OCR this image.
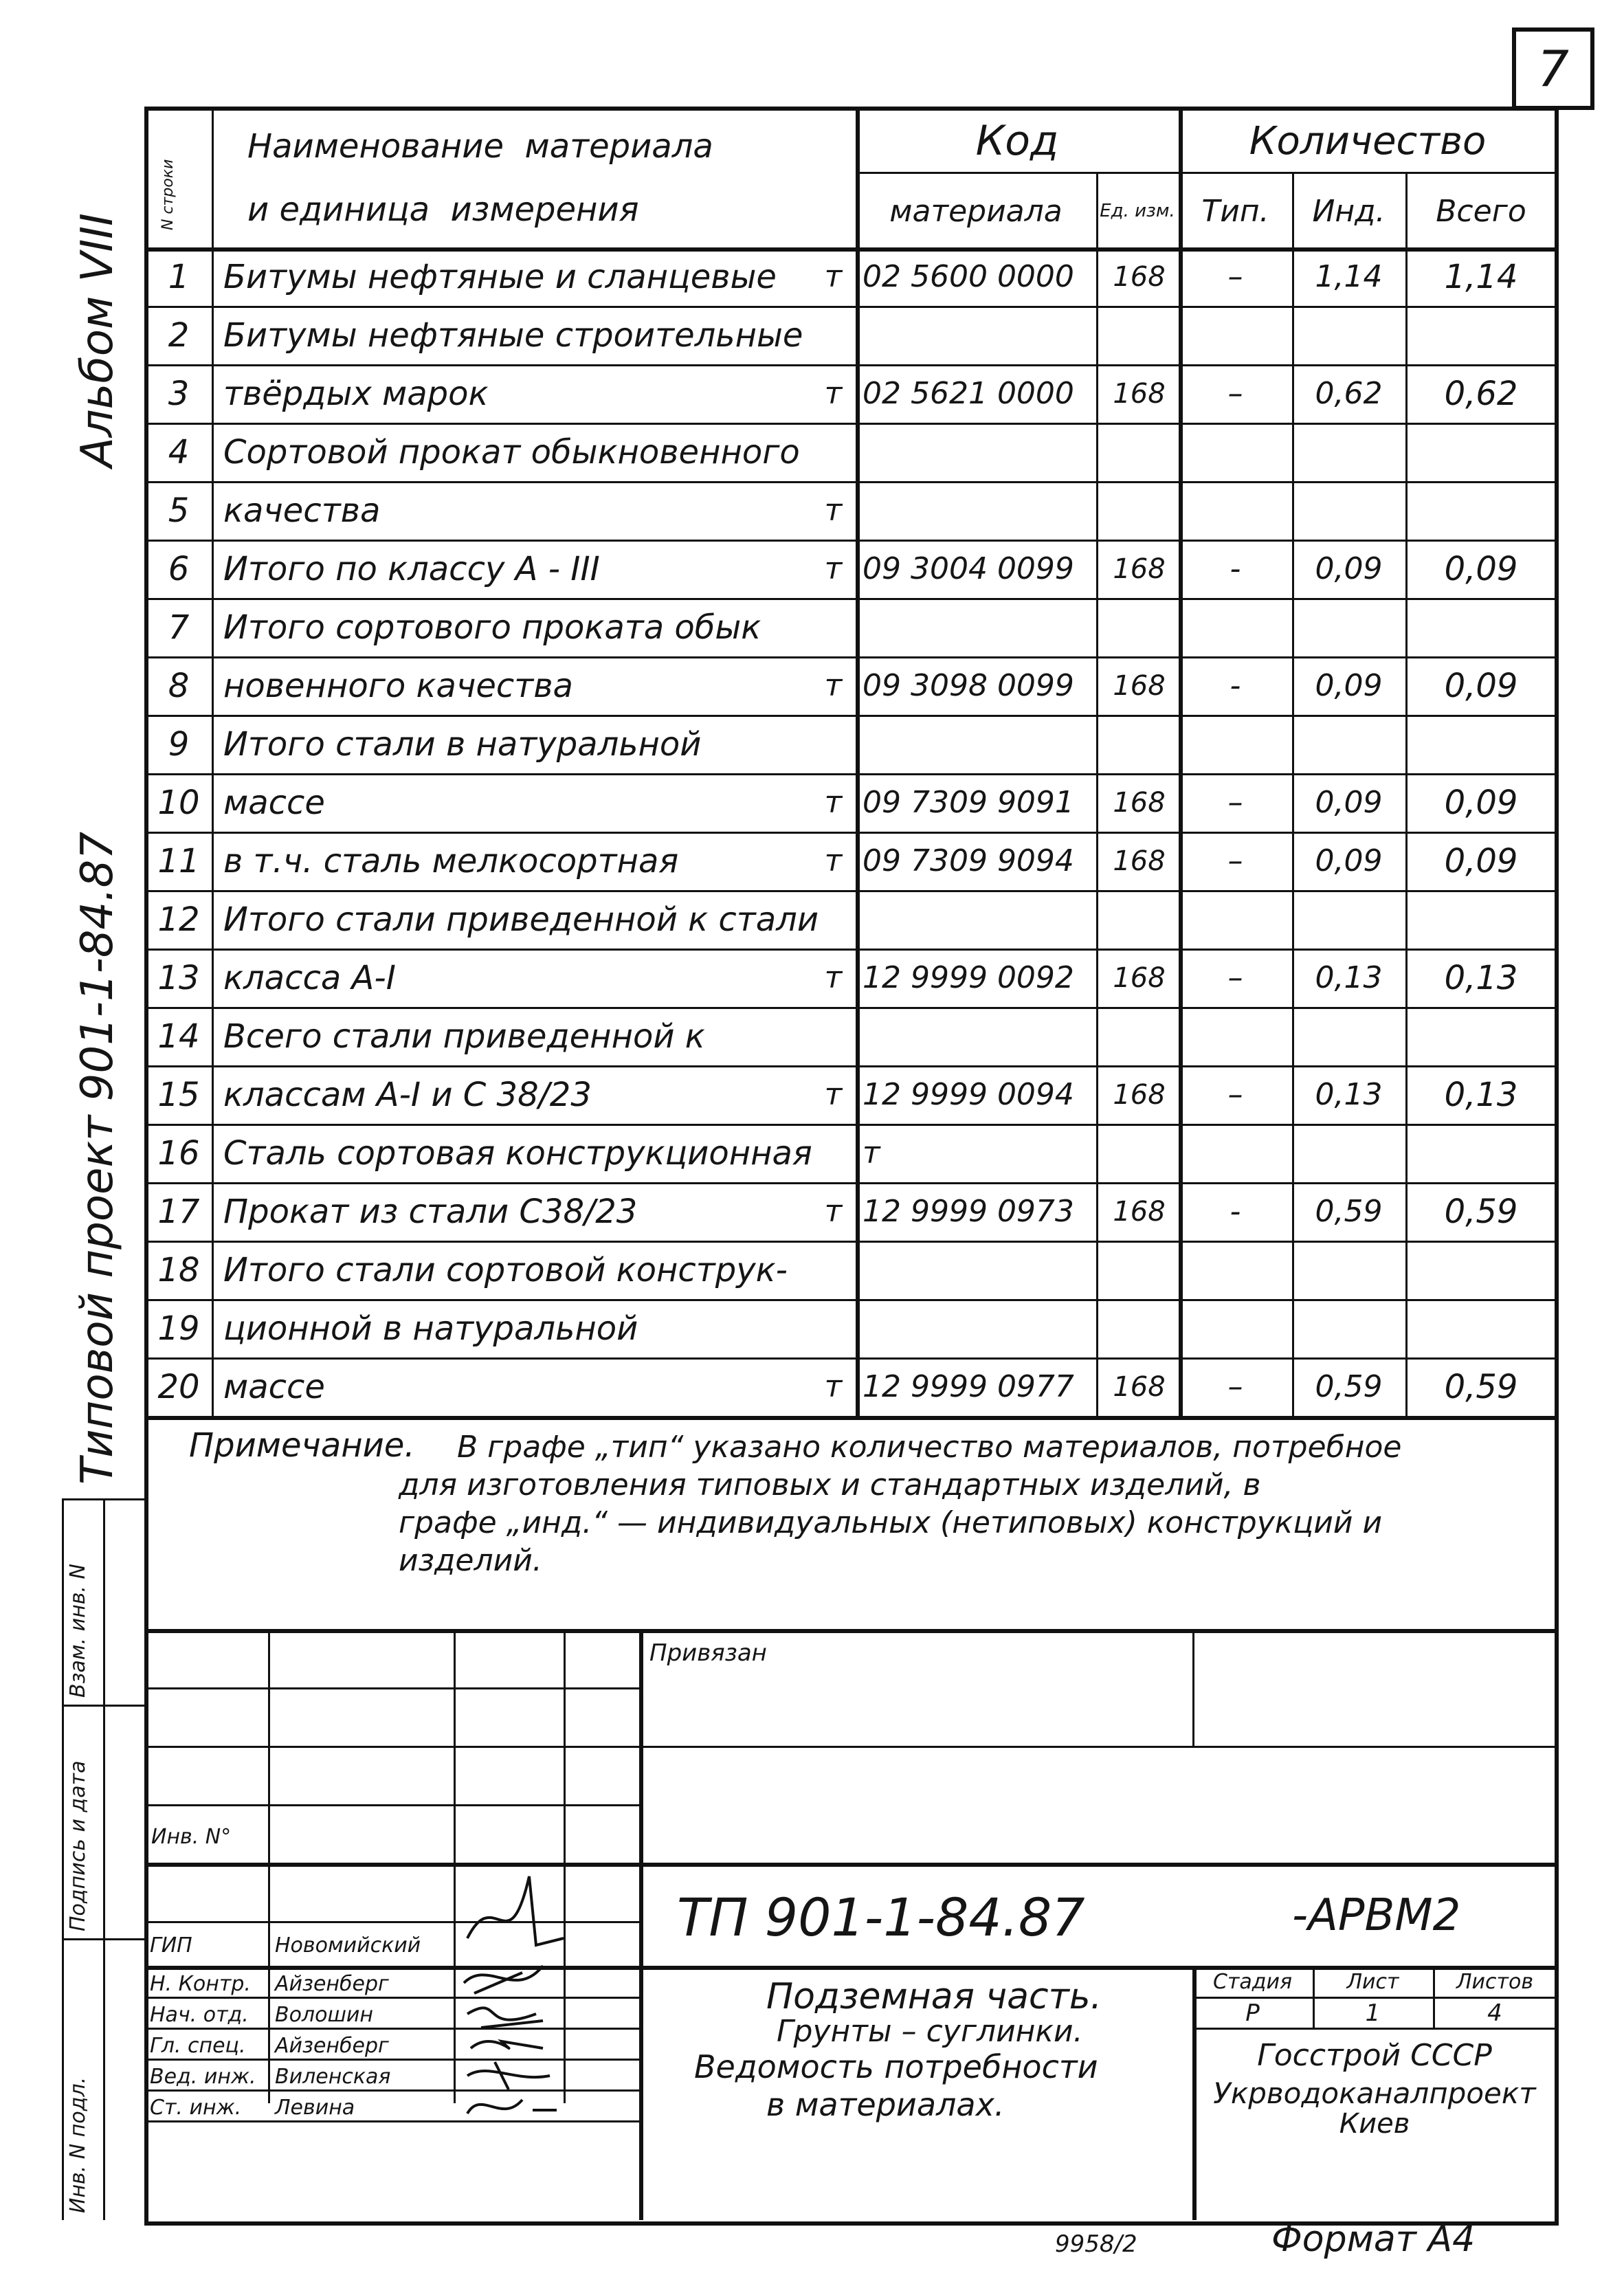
7
Альбом VIII
Типовой проект 901-1-84.87
Взам. инв. N
Подпись и дата
Инв. N подл.
N строки
Наименование  материала
и единица  измерения
Код
материала	Ед. изм.
Количество
Тип.	Инд.	Всего
1	Битумы нефтяные и сланцевые	т 02 5600 0000	168	–	1,14	1,14
2	Битумы нефтяные строительные
3	твёрдых марок	т 02 5621 0000	168	–	0,62	0,62
4	Сортовой прокат обыкновенного
5	качества	т
6	Итого по классу А - III	т 09 3004 0099	168	-	0,09	0,09
7	Итого сортового проката обык
8	новенного качества	т 09 3098 0099	168	-	0,09	0,09
9	Итого стали в натуральной
10 массе	т 09 7309 9091	168	–	0,09	0,09
11 в т.ч. сталь мелкосортная	т 09 7309 9094	168	–	0,09	0,09
12 Итого стали приведенной к стали
13 класса А-I	т 12 9999 0092	168	–	0,13	0,13
14 Всего стали приведенной к
15 классам А-I и С 38/23	т 12 9999 0094	168	–	0,13	0,13
16 Сталь сортовая конструкционная т
17 Прокат из стали С38/23	т 12 9999 0973	168	-	0,59	0,59
18 Итого стали сортовой конструк-
19 ционной в натуральной
20 массе	т 12 9999 0977	168	–	0,59	0,59
Примечание. В графе „тип“ указано количество материалов, потребное
для изготовления типовых и стандартных изделий, в
графе „инд.“ — индивидуальных (нетиповых) конструкций и
изделий.
Привязан
Инв. N°
ТП 901-1-84.87	-АРВМ2
ГИП	Новомийский
Н. Контр.	Айзенберг
Нач. отд.	Волошин
Гл. спец.	Айзенберг
Вед. инж. Виленская
Ст. инж.	Левина
Подземная часть.
Грунты – суглинки.
Ведомость потребности
в материалах.
Стадия	Лист	Листов
Р	1	4
Госстрой СССР
Укрводоканалпроект
Киев
9958/2	Формат А4
